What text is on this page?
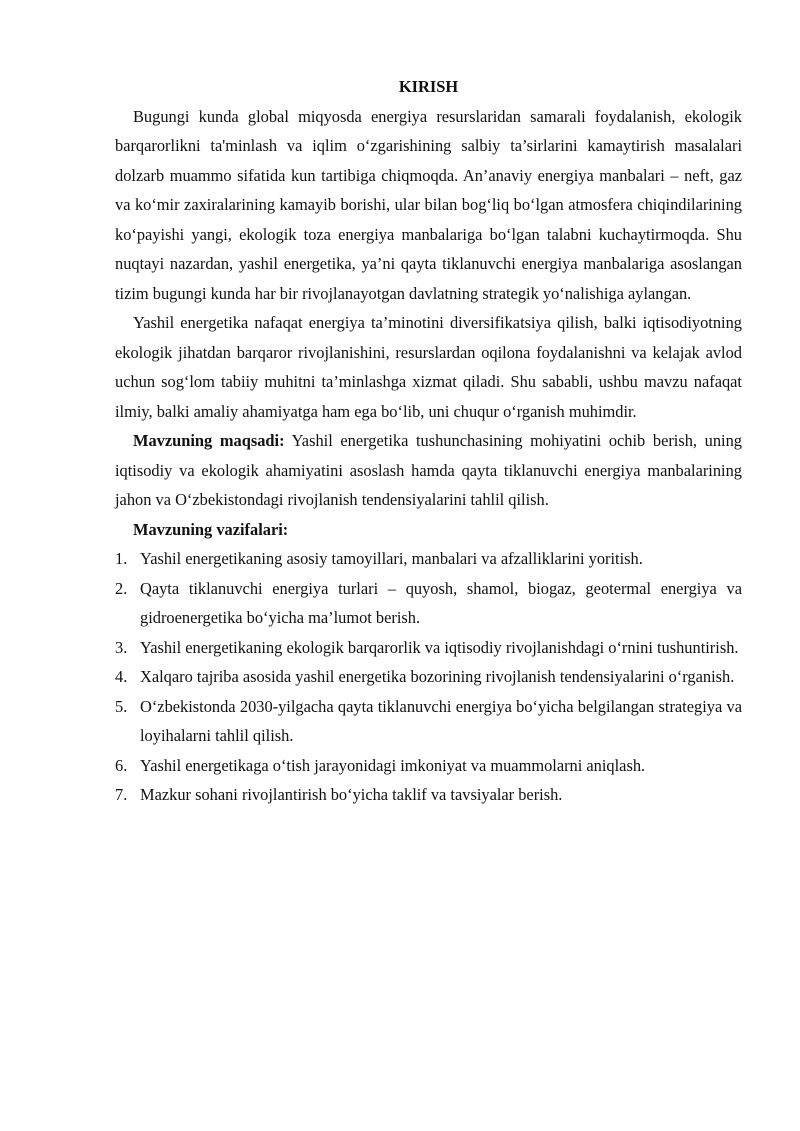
KIRISH

Bugungi kunda global miqyosda energiya resurslaridan samarali foydalanish, ekologik barqarorlikni ta'minlash va iqlim o‘zgarishining salbiy ta’sirlarini kamaytirish masalalari dolzarb muammo sifatida kun tartibiga chiqmoqda. An’anaviy energiya manbalari – neft, gaz va ko‘mir zaxiralarining kamayib borishi, ular bilan bog‘liq bo‘lgan atmosfera chiqindilarining ko‘payishi yangi, ekologik toza energiya manbalariga bo‘lgan talabni kuchaytirmoqda. Shu nuqtayi nazardan, yashil energetika, ya’ni qayta tiklanuvchi energiya manbalariga asoslangan tizim bugungi kunda har bir rivojlanayotgan davlatning strategik yo‘nalishiga aylangan.

Yashil energetika nafaqat energiya ta’minotini diversifikatsiya qilish, balki iqtisodiyotning ekologik jihatdan barqaror rivojlanishini, resurslardan oqilona foydalanishni va kelajak avlod uchun sog‘lom tabiiy muhitni ta’minlashga xizmat qiladi. Shu sababli, ushbu mavzu nafaqat ilmiy, balki amaliy ahamiyatga ham ega bo‘lib, uni chuqur o‘rganish muhimdir.

Mavzuning maqsadi: Yashil energetika tushunchasining mohiyatini ochib berish, uning iqtisodiy va ekologik ahamiyatini asoslash hamda qayta tiklanuvchi energiya manbalarining jahon va O‘zbekistondagi rivojlanish tendensiyalarini tahlil qilish.

Mavzuning vazifalari:

1. Yashil energetikaning asosiy tamoyillari, manbalari va afzalliklarini yoritish.
2. Qayta tiklanuvchi energiya turlari – quyosh, shamol, biogaz, geotermal energiya va gidroenergetika bo‘yicha ma’lumot berish.
3. Yashil energetikaning ekologik barqarorlik va iqtisodiy rivojlanishdagi o‘rnini tushuntirish.
4. Xalqaro tajriba asosida yashil energetika bozorining rivojlanish tendensiyalarini o‘rganish.
5. O‘zbekistonda 2030-yilgacha qayta tiklanuvchi energiya bo‘yicha belgilangan strategiya va loyihalarni tahlil qilish.
6. Yashil energetikaga o‘tish jarayonidagi imkoniyat va muammolarni aniqlash.
7. Mazkur sohani rivojlantirish bo‘yicha taklif va tavsiyalar berish.
